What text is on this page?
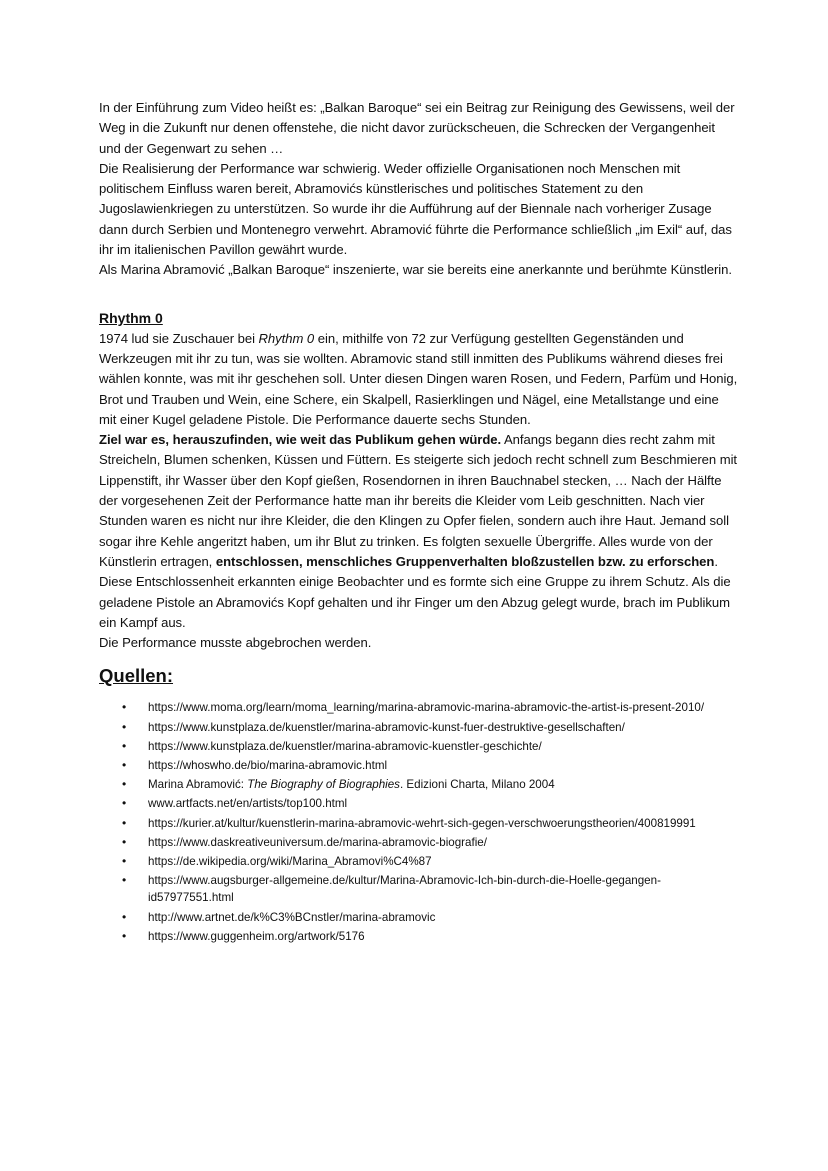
In der Einführung zum Video heißt es: „Balkan Baroque“ sei ein Beitrag zur Reinigung des Gewissens, weil der Weg in die Zukunft nur denen offenstehe, die nicht davor zurückscheuen, die Schrecken der Vergangenheit und der Gegenwart zu sehen …

Die Realisierung der Performance war schwierig. Weder offizielle Organisationen noch Menschen mit politischem Einfluss waren bereit, Abramovićs künstlerisches und politisches Statement zu den Jugoslawienkriegen zu unterstützen. So wurde ihr die Aufführung auf der Biennale nach vorheriger Zusage dann durch Serbien und Montenegro verwehrt. Abramović führte die Performance schließlich „im Exil“ auf, das ihr im italienischen Pavillon gewährt wurde.

Als Marina Abramović „Balkan Baroque“ inszenierte, war sie bereits eine anerkannte und berühmte Künstlerin.

Rhythm 0

1974 lud sie Zuschauer bei Rhythm 0 ein, mithilfe von 72 zur Verfügung gestellten Gegenständen und Werkzeugen mit ihr zu tun, was sie wollten. Abramovic stand still inmitten des Publikums während dieses frei wählen konnte, was mit ihr geschehen soll. Unter diesen Dingen waren Rosen, und Federn, Parfüm und Honig, Brot und Trauben und Wein, eine Schere, ein Skalpell, Rasierklingen und Nägel, eine Metallstange und eine mit einer Kugel geladene Pistole. Die Performance dauerte sechs Stunden.

Ziel war es, herauszufinden, wie weit das Publikum gehen würde. Anfangs begann dies recht zahm mit Streicheln, Blumen schenken, Küssen und Füttern. Es steigerte sich jedoch recht schnell zum Beschmieren mit Lippenstift, ihr Wasser über den Kopf gießen, Rosendornen in ihren Bauchnabel stecken, … Nach der Hälfte der vorgesehenen Zeit der Performance hatte man ihr bereits die Kleider vom Leib geschnitten. Nach vier Stunden waren es nicht nur ihre Kleider, die den Klingen zu Opfer fielen, sondern auch ihre Haut. Jemand soll sogar ihre Kehle angeritzt haben, um ihr Blut zu trinken. Es folgten sexuelle Übergriffe. Alles wurde von der Künstlerin ertragen, entschlossen, menschliches Gruppenverhalten bloßzustellen bzw. zu erforschen. Diese Entschlossenheit erkannten einige Beobachter und es formte sich eine Gruppe zu ihrem Schutz. Als die geladene Pistole an Abramovićs Kopf gehalten und ihr Finger um den Abzug gelegt wurde, brach im Publikum ein Kampf aus.

Die Performance musste abgebrochen werden.

Quellen:
• https://www.moma.org/learn/moma_learning/marina-abramovic-marina-abramovic-the-artist-is-present-2010/
• https://www.kunstplaza.de/kuenstler/marina-abramovic-kunst-fuer-destruktive-gesellschaften/
• https://www.kunstplaza.de/kuenstler/marina-abramovic-kuenstler-geschichte/
• https://whoswho.de/bio/marina-abramovic.html
• Marina Abramović: The Biography of Biographies. Edizioni Charta, Milano 2004
• www.artfacts.net/en/artists/top100.html
• https://kurier.at/kultur/kuenstlerin-marina-abramovic-wehrt-sich-gegen-verschwoerungstheorien/400819991
• https://www.daskreativeuniversum.de/marina-abramovic-biografie/
• https://de.wikipedia.org/wiki/Marina_Abramovi%C4%87
• https://www.augsburger-allgemeine.de/kultur/Marina-Abramovic-Ich-bin-durch-die-Hoelle-gegangen-id57977551.html
• http://www.artnet.de/k%C3%BCnstler/marina-abramovic
• https://www.guggenheim.org/artwork/5176
